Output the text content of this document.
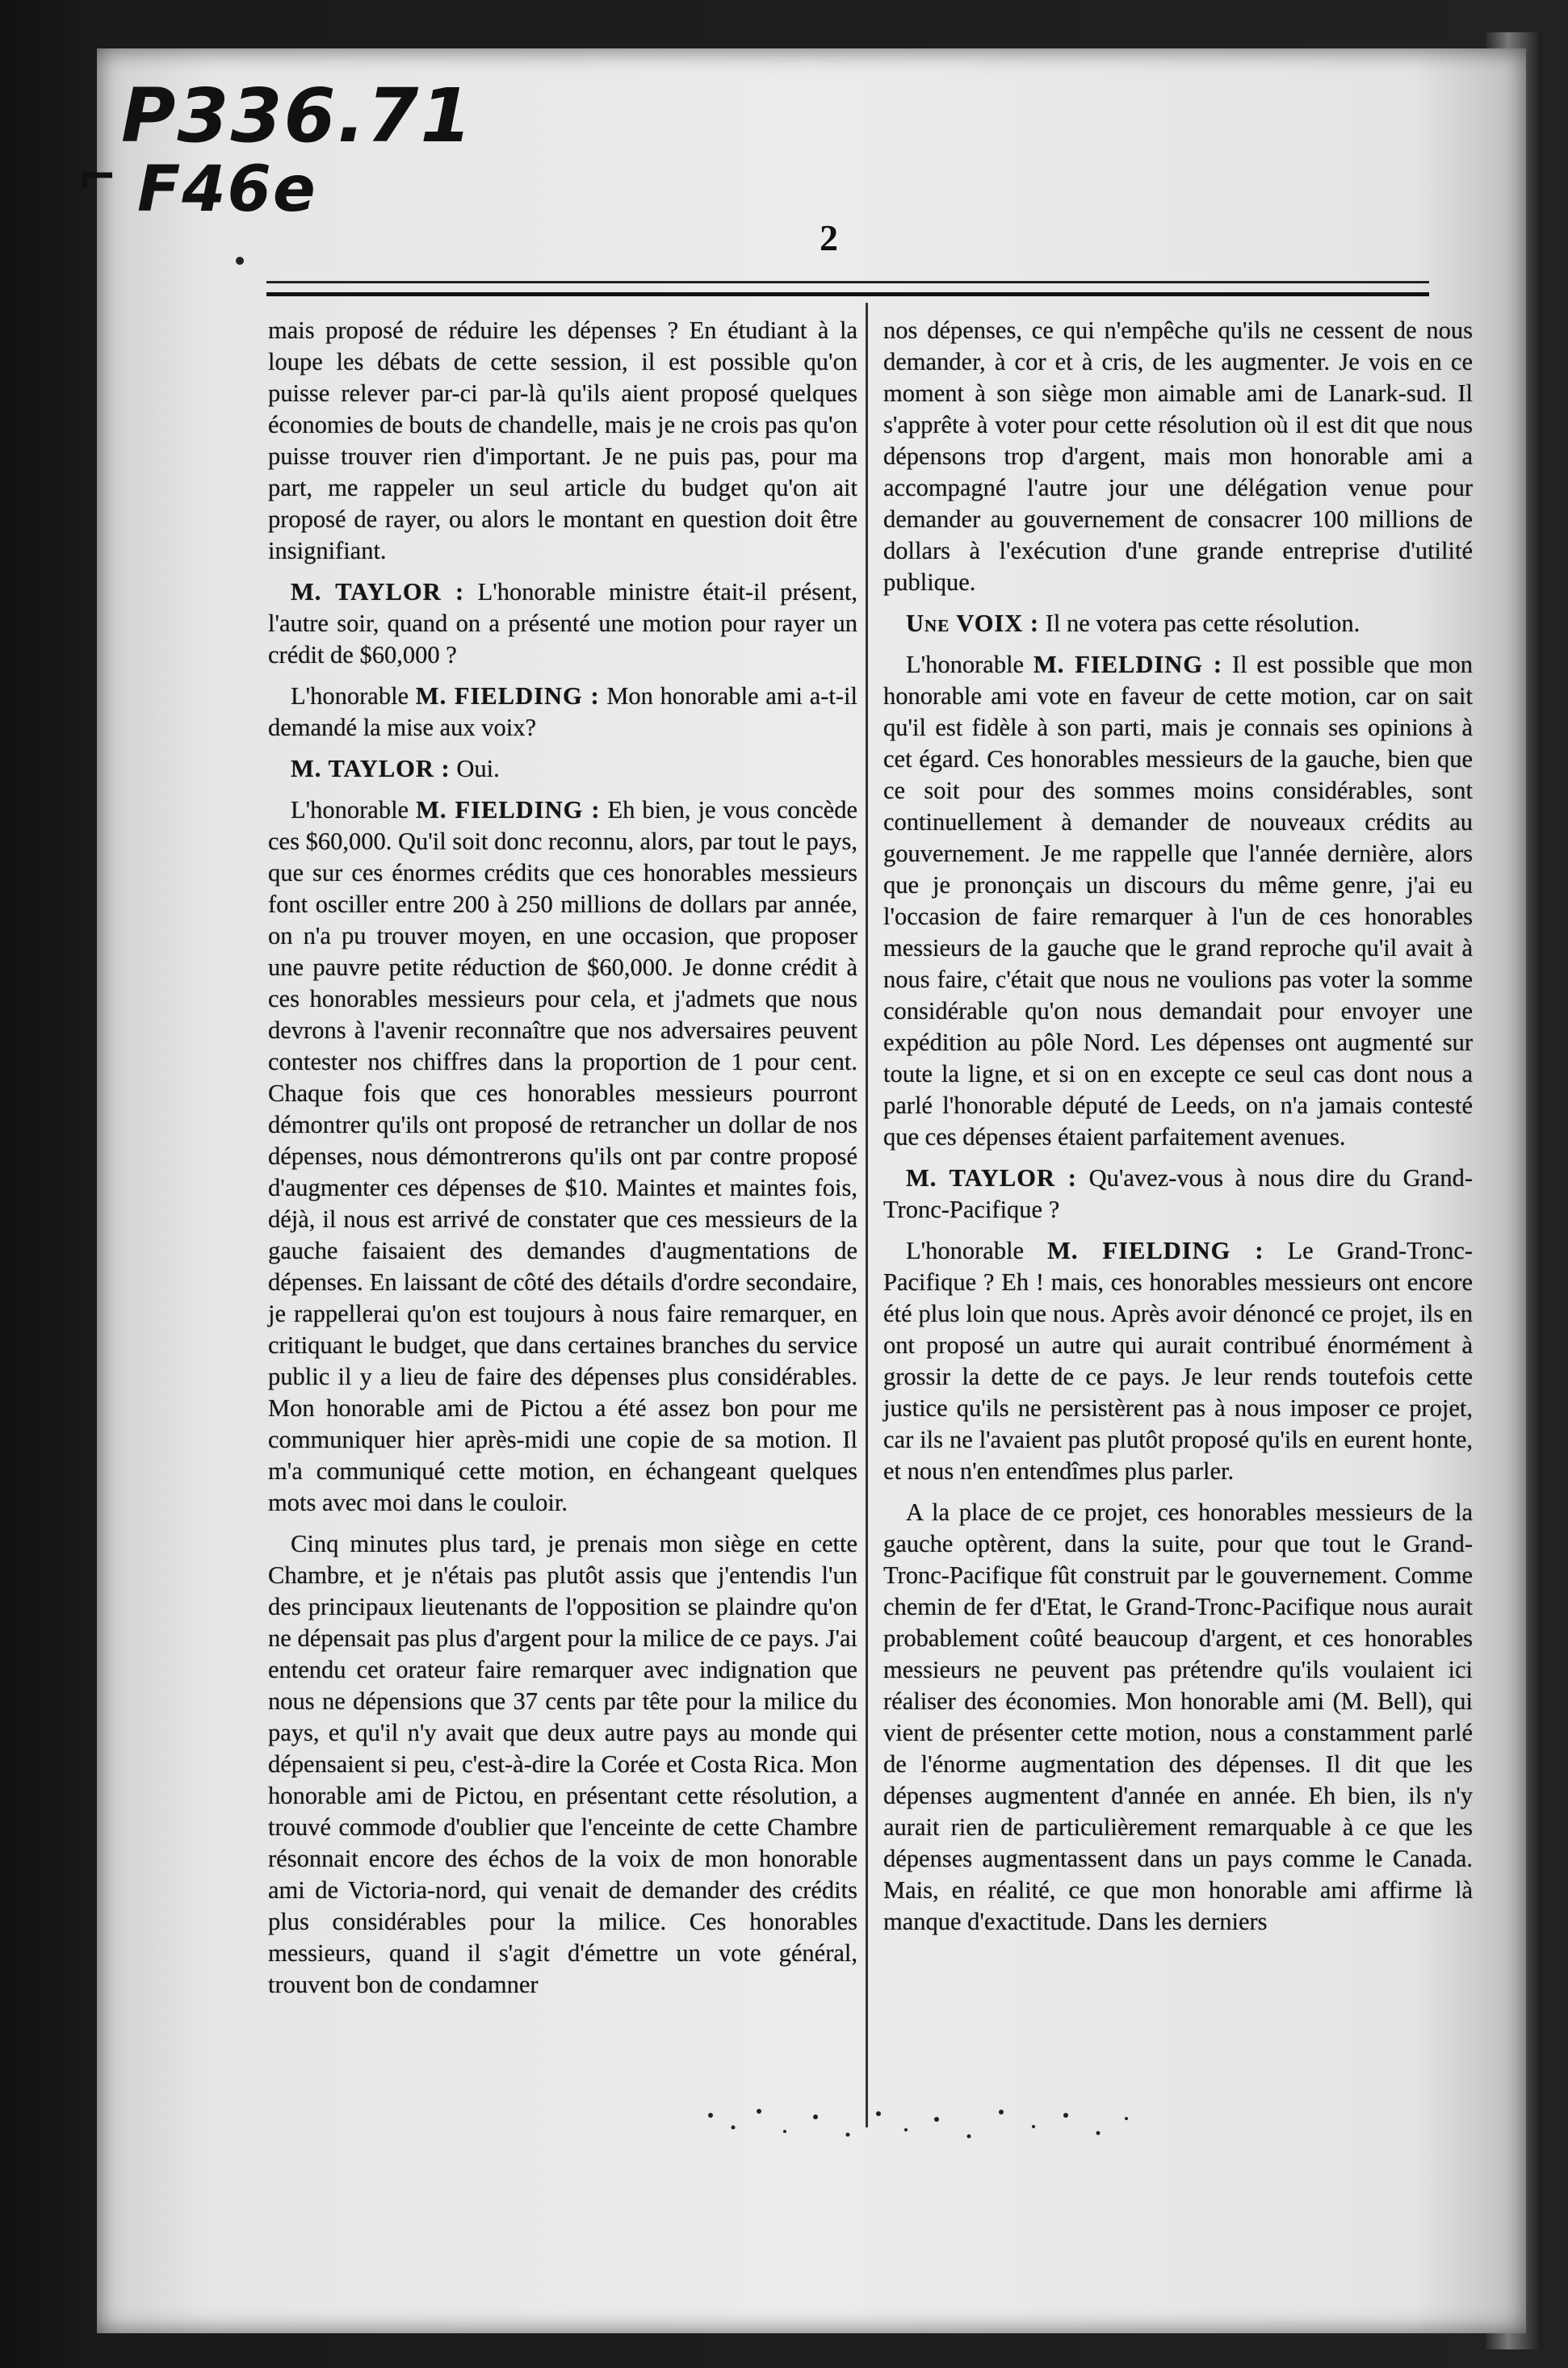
P336.71
⌐ F46e
2

mais proposé de réduire les dépenses ? En étudiant à la loupe les débats de cette session, il est possible qu'on puisse relever par-ci par-là qu'ils aient proposé quelques économies de bouts de chandelle, mais je ne crois pas qu'on puisse trouver rien d'important. Je ne puis pas, pour ma part, me rappeler un seul article du budget qu'on ait proposé de rayer, ou alors le montant en question doit être insignifiant.

M. TAYLOR : L'honorable ministre était-il présent, l'autre soir, quand on a présenté une motion pour rayer un crédit de $60,000 ?

L'honorable M. FIELDING : Mon honorable ami a-t-il demandé la mise aux voix?

M. TAYLOR : Oui.

L'honorable M. FIELDING : Eh bien, je vous concède ces $60,000. Qu'il soit donc reconnu, alors, par tout le pays, que sur ces énormes crédits que ces honorables messieurs font osciller entre 200 à 250 millions de dollars par année, on n'a pu trouver moyen, en une occasion, que proposer une pauvre petite réduction de $60,000. Je donne crédit à ces honorables messieurs pour cela, et j'admets que nous devrons à l'avenir reconnaître que nos adversaires peuvent contester nos chiffres dans la proportion de 1 pour cent. Chaque fois que ces honorables messieurs pourront démontrer qu'ils ont proposé de retrancher un dollar de nos dépenses, nous démontrerons qu'ils ont par contre proposé d'augmenter ces dépenses de $10. Maintes et maintes fois, déjà, il nous est arrivé de constater que ces messieurs de la gauche faisaient des demandes d'augmentations de dépenses. En laissant de côté des détails d'ordre secondaire, je rappellerai qu'on est toujours à nous faire remarquer, en critiquant le budget, que dans certaines branches du service public il y a lieu de faire des dépenses plus considérables. Mon honorable ami de Pictou a été assez bon pour me communiquer hier après-midi une copie de sa motion. Il m'a communiqué cette motion, en échangeant quelques mots avec moi dans le couloir.

Cinq minutes plus tard, je prenais mon siège en cette Chambre, et je n'étais pas plutôt assis que j'entendis l'un des principaux lieutenants de l'opposition se plaindre qu'on ne dépensait pas plus d'argent pour la milice de ce pays. J'ai entendu cet orateur faire remarquer avec indignation que nous ne dépensions que 37 cents par tête pour la milice du pays, et qu'il n'y avait que deux autre pays au monde qui dépensaient si peu, c'est-à-dire la Corée et Costa Rica. Mon honorable ami de Pictou, en présentant cette résolution, a trouvé commode d'oublier que l'enceinte de cette Chambre résonnait encore des échos de la voix de mon honorable ami de Victoria-nord, qui venait de demander des crédits plus considérables pour la milice. Ces honorables messieurs, quand il s'agit d'émettre un vote général, trouvent bon de condamner

nos dépenses, ce qui n'empêche qu'ils ne cessent de nous demander, à cor et à cris, de les augmenter. Je vois en ce moment à son siège mon aimable ami de Lanark-sud. Il s'apprête à voter pour cette résolution où il est dit que nous dépensons trop d'argent, mais mon honorable ami a accompagné l'autre jour une délégation venue pour demander au gouvernement de consacrer 100 millions de dollars à l'exécution d'une grande entreprise d'utilité publique.

Une VOIX : Il ne votera pas cette résolution.

L'honorable M. FIELDING : Il est possible que mon honorable ami vote en faveur de cette motion, car on sait qu'il est fidèle à son parti, mais je connais ses opinions à cet égard. Ces honorables messieurs de la gauche, bien que ce soit pour des sommes moins considérables, sont continuellement à demander de nouveaux crédits au gouvernement. Je me rappelle que l'année dernière, alors que je prononçais un discours du même genre, j'ai eu l'occasion de faire remarquer à l'un de ces honorables messieurs de la gauche que le grand reproche qu'il avait à nous faire, c'était que nous ne voulions pas voter la somme considérable qu'on nous demandait pour envoyer une expédition au pôle Nord. Les dépenses ont augmenté sur toute la ligne, et si on en excepte ce seul cas dont nous a parlé l'honorable député de Leeds, on n'a jamais contesté que ces dépenses étaient parfaitement avenues.

M. TAYLOR : Qu'avez-vous à nous dire du Grand-Tronc-Pacifique ?

L'honorable M. FIELDING : Le Grand-Tronc-Pacifique ? Eh ! mais, ces honorables messieurs ont encore été plus loin que nous. Après avoir dénoncé ce projet, ils en ont proposé un autre qui aurait contribué énormément à grossir la dette de ce pays. Je leur rends toutefois cette justice qu'ils ne persistèrent pas à nous imposer ce projet, car ils ne l'avaient pas plutôt proposé qu'ils en eurent honte, et nous n'en entendîmes plus parler.

A la place de ce projet, ces honorables messieurs de la gauche optèrent, dans la suite, pour que tout le Grand-Tronc-Pacifique fût construit par le gouvernement. Comme chemin de fer d'Etat, le Grand-Tronc-Pacifique nous aurait probablement coûté beaucoup d'argent, et ces honorables messieurs ne peuvent pas prétendre qu'ils voulaient ici réaliser des économies. Mon honorable ami (M. Bell), qui vient de présenter cette motion, nous a constamment parlé de l'énorme augmentation des dépenses. Il dit que les dépenses augmentent d'année en année. Eh bien, ils n'y aurait rien de particulièrement remarquable à ce que les dépenses augmentassent dans un pays comme le Canada. Mais, en réalité, ce que mon honorable ami affirme là manque d'exactitude. Dans les derniers
